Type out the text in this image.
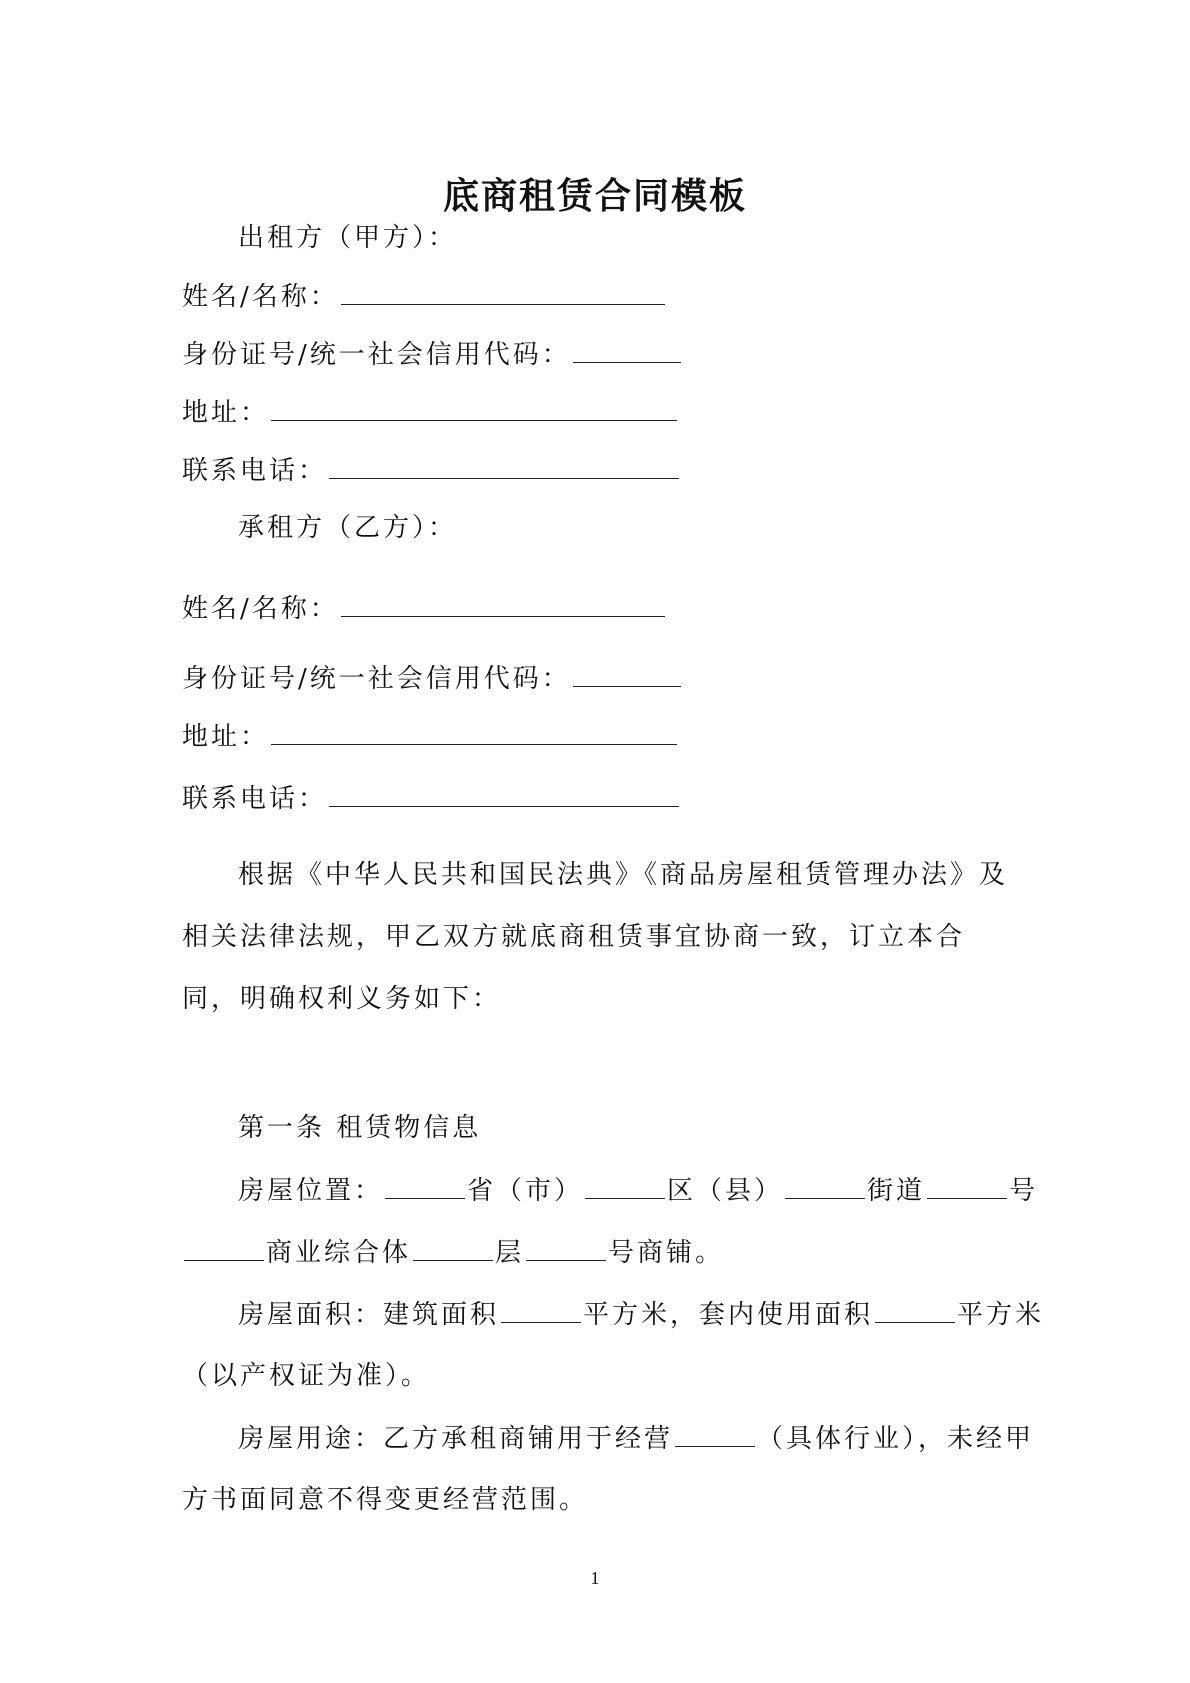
底商租赁合同模板
出租方（甲方）：
姓名/名称：
身份证号/统一社会信用代码：
地址：
联系电话：
承租方（乙方）：
姓名/名称：
身份证号/统一社会信用代码：
地址：
联系电话：

根据《中华人民共和国民法典》《商品房屋租赁管理办法》及相关法律法规，甲乙双方就底商租赁事宜协商一致，订立本合同，明确权利义务如下：

第一条 租赁物信息
房屋位置：	省（市）	区（县）	街道	号
商业综合体	层	号商铺。
房屋面积：建筑面积	平方米，套内使用面积	平方米
（以产权证为准）。
房屋用途：乙方承租商铺用于经营	（具体行业），未经甲
方书面同意不得变更经营范围。
1
